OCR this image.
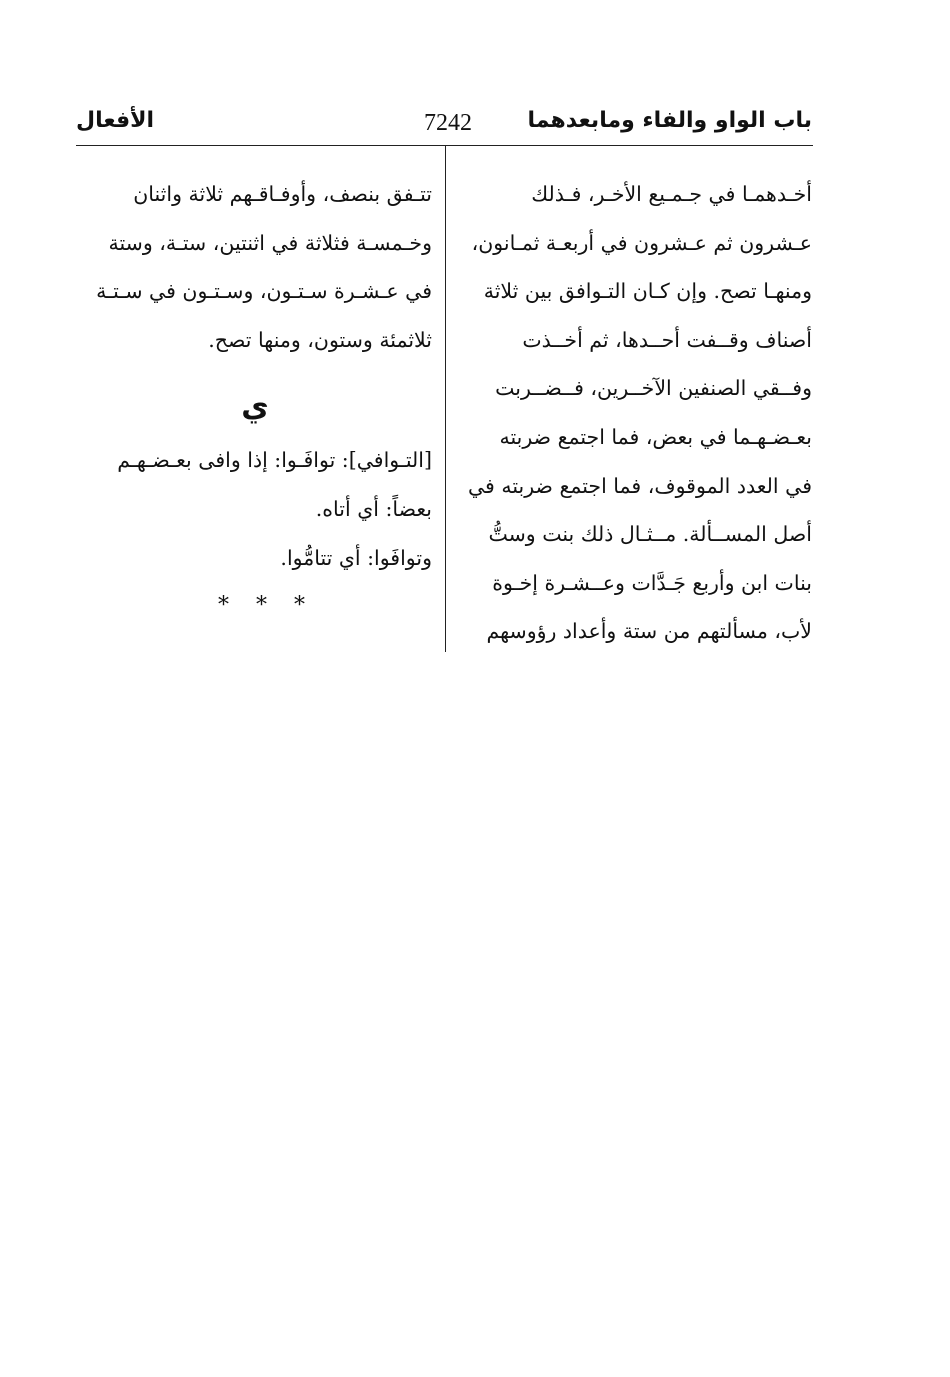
باب الواو والفاء ومابعدهما
7242
الأفعال
أخـدهمـا في جـمـيع الأخـر، فـذلك
عـشرون ثم عـشرون في أربعـة ثمـانون،
ومنهـا تصح. وإن كـان التـوافق بين ثلاثة
أصناف وقــفت أحــدها، ثم أخــذت
وفــقي الصنفين الآخــرين، فــضــربت
بعـضـهـما في بعض، فما اجتمع ضربته
في العدد الموقوف، فما اجتمع ضربته في
أصل المســألة. مــثـال ذلك بنت وستُّ
بنات ابن وأربع جَـدَّات وعــشـرة إخـوة
لأب، مسألتهم من ستة وأعداد رؤوسهم
تتـفق بنصف، وأوفـاقـهم ثلاثة واثنان
وخـمسـة فثلاثة في اثنتين، ستـة، وستة
في عـشـرة سـتـون، وسـتـون في سـتـة
ثلاثمئة وستون، ومنها تصح.
ي
[التـوافي]: توافَـوا: إذا وافى بعـضـهـم
بعضاً: أي أتاه.
وتوافَوا: أي تتامُّوا.
* * *
